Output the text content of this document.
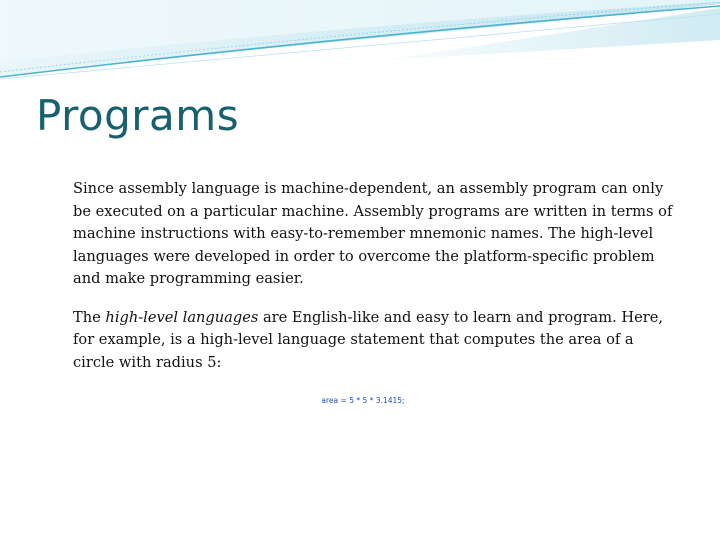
Programs

Since assembly language is machine-dependent, an assembly program can only be executed on a particular machine. Assembly programs are written in terms of machine instructions with easy-to-remember mnemonic names. The high-level languages were developed in order to overcome the platform-specific problem and make programming easier.

The high-level languages are English-like and easy to learn and program. Here, for example, is a high-level language statement that computes the area of a circle with radius 5:

area = 5 * 5 * 3.1415;
